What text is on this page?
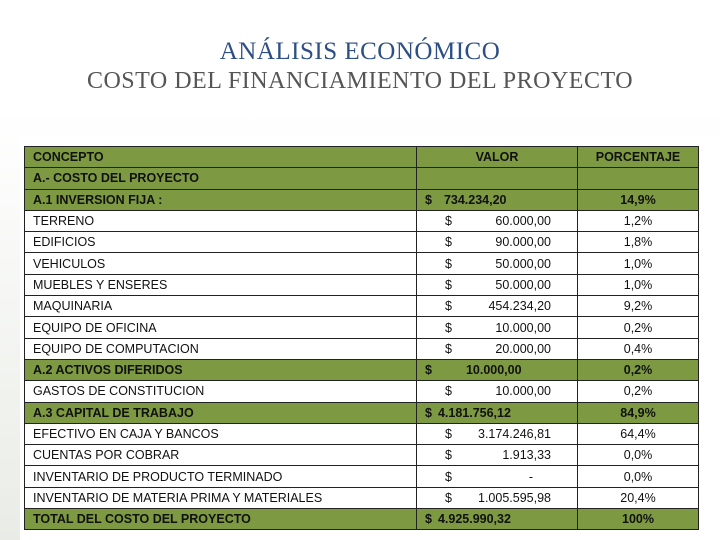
ANÁLISIS ECONÓMICO
COSTO DEL FINANCIAMIENTO DEL PROYECTO
CONCEPTO	VALOR	PORCENTAJE
A.- COSTO DEL PROYECTO		
A.1 INVERSION FIJA :	$ 734.234,20	14,9%
TERRENO	$ 60.000,00	1,2%
EDIFICIOS	$ 90.000,00	1,8%
VEHICULOS	$ 50.000,00	1,0%
MUEBLES Y ENSERES	$ 50.000,00	1,0%
MAQUINARIA	$ 454.234,20	9,2%
EQUIPO DE OFICINA	$ 10.000,00	0,2%
EQUIPO DE COMPUTACION	$ 20.000,00	0,4%
A.2 ACTIVOS DIFERIDOS	$ 10.000,00	0,2%
GASTOS DE CONSTITUCION	$ 10.000,00	0,2%
A.3 CAPITAL DE TRABAJO	$ 4.181.756,12	84,9%
EFECTIVO EN CAJA Y BANCOS	$ 3.174.246,81	64,4%
CUENTAS POR COBRAR	$ 1.913,33	0,0%
INVENTARIO DE PRODUCTO TERMINADO	$ -	0,0%
INVENTARIO DE MATERIA PRIMA Y MATERIALES	$ 1.005.595,98	20,4%
TOTAL DEL COSTO DEL PROYECTO	$ 4.925.990,32	100%
